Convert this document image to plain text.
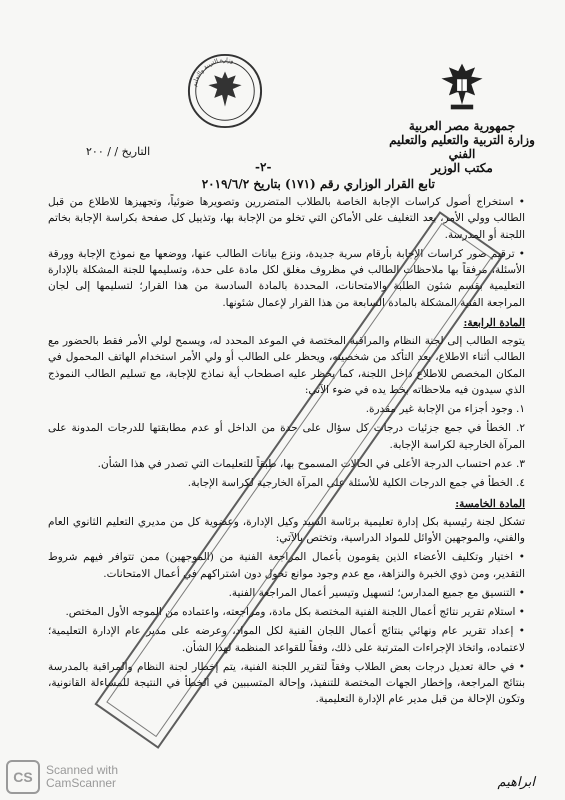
جمهورية مصر العربية
وزارة التربية والتعليم والتعليم الفني
مكتب الوزير
وزارة التربية والتعليم
التاريخ / / ٢٠٠
-٢-
تابع القرار الوزاري رقم (١٧١) بتاريخ ٢٠١٩/٦/٢

• استخراج أصول كراسات الإجابة الخاصة بالطلاب المتضررين وتصويرها ضوئياً، وتجهيزها للاطلاع من قبل الطالب وولي الأمر، بعد التغليف على الأماكن التي تخلو من الإجابة بها، وتذييل كل صفحة بكراسة الإجابة بخاتم اللجنة أو المدرسة.

• ترقيم صور كراسات الإجابة بأرقام سرية جديدة، ونزع بيانات الطالب عنها، ووضعها مع نموذج الإجابة وورقة الأسئلة، مرفقاً بها ملاحظات الطالب في مظروف مغلق لكل مادة على حدة، وتسليمها للجنة المشكلة بالإدارة التعليمية بقسم شئون الطلبة والامتحانات، المحددة بالمادة السادسة من هذا القرار؛ لتسليمها إلى لجان المراجعة الفنية المشكلة بالمادة السابعة من هذا القرار لإعمال شئونها.

المادة الرابعة:

يتوجه الطالب إلى لجنة النظام والمراقبة المختصة في الموعد المحدد له، ويسمح لولي الأمر فقط بالحضور مع الطالب أثناء الاطلاع، بعد التأكد من شخصيته، ويحظر على الطالب أو ولي الأمر استخدام الهاتف المحمول في المكان المخصص للاطلاع داخل اللجنة، كما يحظر عليه اصطحاب أية نماذج للإجابة، مع تسليم الطالب النموذج الذي سيدون فيه ملاحظاته بخط يده في ضوء الآتي:

١. وجود أجزاء من الإجابة غير مقدرة.

٢. الخطأ في جمع جزئيات درجات كل سؤال على حدة من الداخل أو عدم مطابقتها للدرجات المدونة على المرآة الخارجية لكراسة الإجابة.

٣. عدم احتساب الدرجة الأعلى في الحالات المسموح بها، طبقاً للتعليمات التي تصدر في هذا الشأن.

٤. الخطأ في جمع الدرجات الكلية للأسئلة على المرآة الخارجية لكراسة الإجابة.

المادة الخامسة:

تشكل لجنة رئيسية بكل إدارة تعليمية برئاسة السيد وكيل الإدارة، وعضوية كل من مديري التعليم الثانوي العام والفني، والموجهين الأوائل للمواد الدراسية، وتختص بالآتي:

• اختيار وتكليف الأعضاء الذين يقومون بأعمال المراجعة الفنية من (الموجهين) ممن تتوافر فيهم شروط التقدير، ومن ذوي الخبرة والنزاهة، مع عدم وجود موانع تحول دون اشتراكهم في أعمال الامتحانات.

• التنسيق مع جميع المدارس؛ لتسهيل وتيسير أعمال المراجعة الفنية.

• استلام تقرير نتائج أعمال اللجنة الفنية المختصة بكل مادة، ومراجعته، واعتماده من الموجه الأول المختص.

• إعداد تقرير عام ونهائي بنتائج أعمال اللجان الفنية لكل المواد، وعرضه على مدير عام الإدارة التعليمية؛ لاعتماده، واتخاذ الإجراءات المترتبة على ذلك، وفقاً للقواعد المنظمة لهذا الشأن.

• في حالة تعديل درجات بعض الطلاب وفقاً لتقرير اللجنة الفنية، يتم إخطار لجنة النظام والمراقبة بالمدرسة بنتائج المراجعة، وإخطار الجهات المختصة للتنفيذ، وإحالة المتسببين في الخطأ في النتيجة للمساءلة القانونية، وتكون الإحالة من قبل مدير عام الإدارة التعليمية.

ابراهيم
CS	Scanned with
CamScanner
